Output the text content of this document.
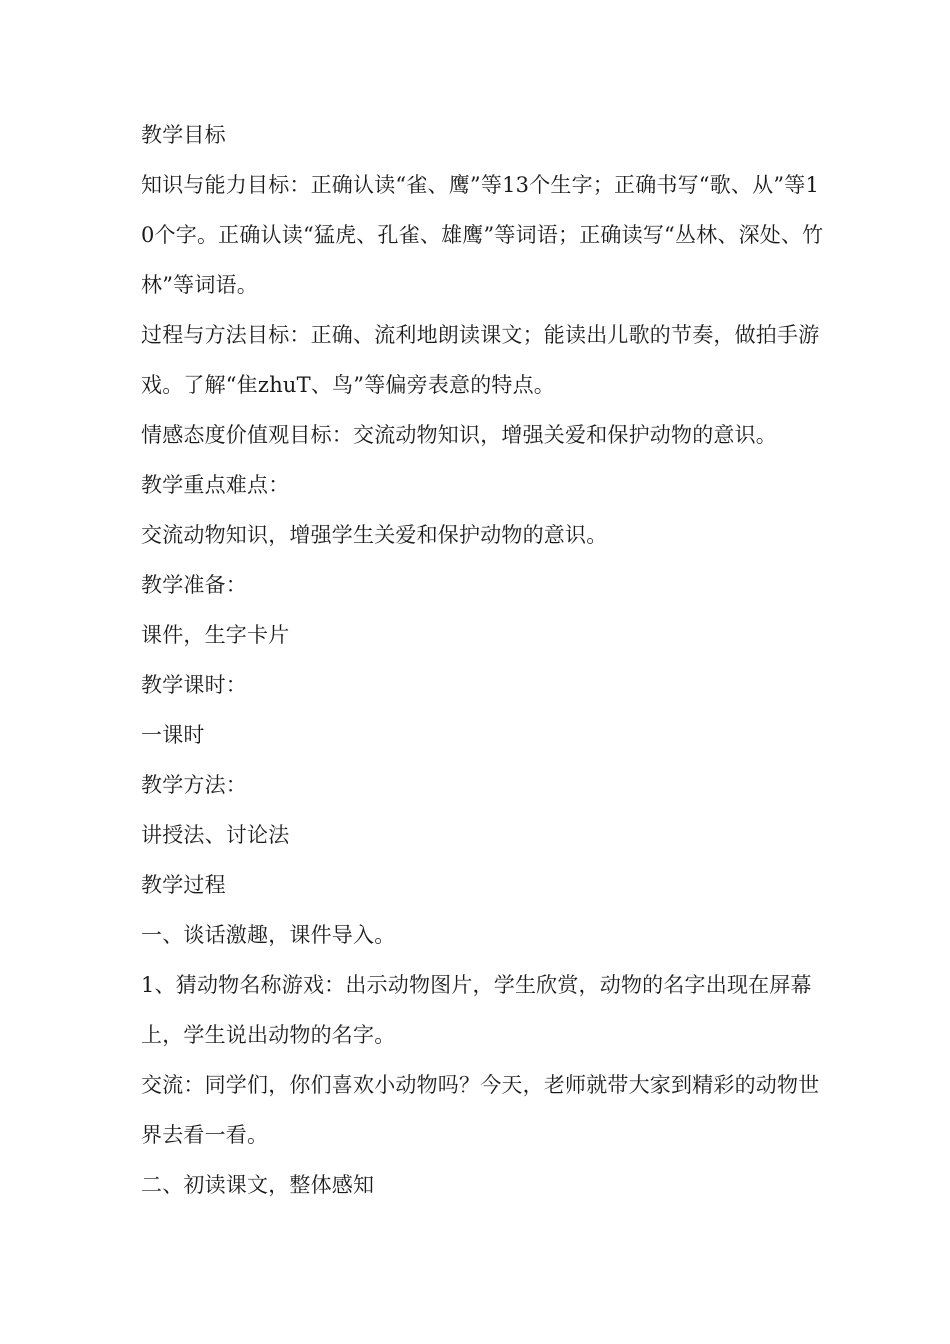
教学目标

知识与能力目标：正确认读“雀、鹰”等13个生字；正确书写“歌、从”等10个字。正确认读“猛虎、孔雀、雄鹰”等词语；正确读写“丛林、深处、竹林”等词语。

过程与方法目标：正确、流利地朗读课文；能读出儿歌的节奏，做拍手游戏。了解“隹zhuT、鸟”等偏旁表意的特点。

情感态度价值观目标：交流动物知识，增强关爱和保护动物的意识。

教学重点难点：

交流动物知识，增强学生关爱和保护动物的意识。

教学准备：

课件，生字卡片

教学课时：

一课时

教学方法：

讲授法、讨论法

教学过程

一、谈话激趣，课件导入。

1、猜动物名称游戏：出示动物图片，学生欣赏，动物的名字出现在屏幕上，学生说出动物的名字。

交流：同学们，你们喜欢小动物吗？今天，老师就带大家到精彩的动物世界去看一看。

二、初读课文，整体感知
